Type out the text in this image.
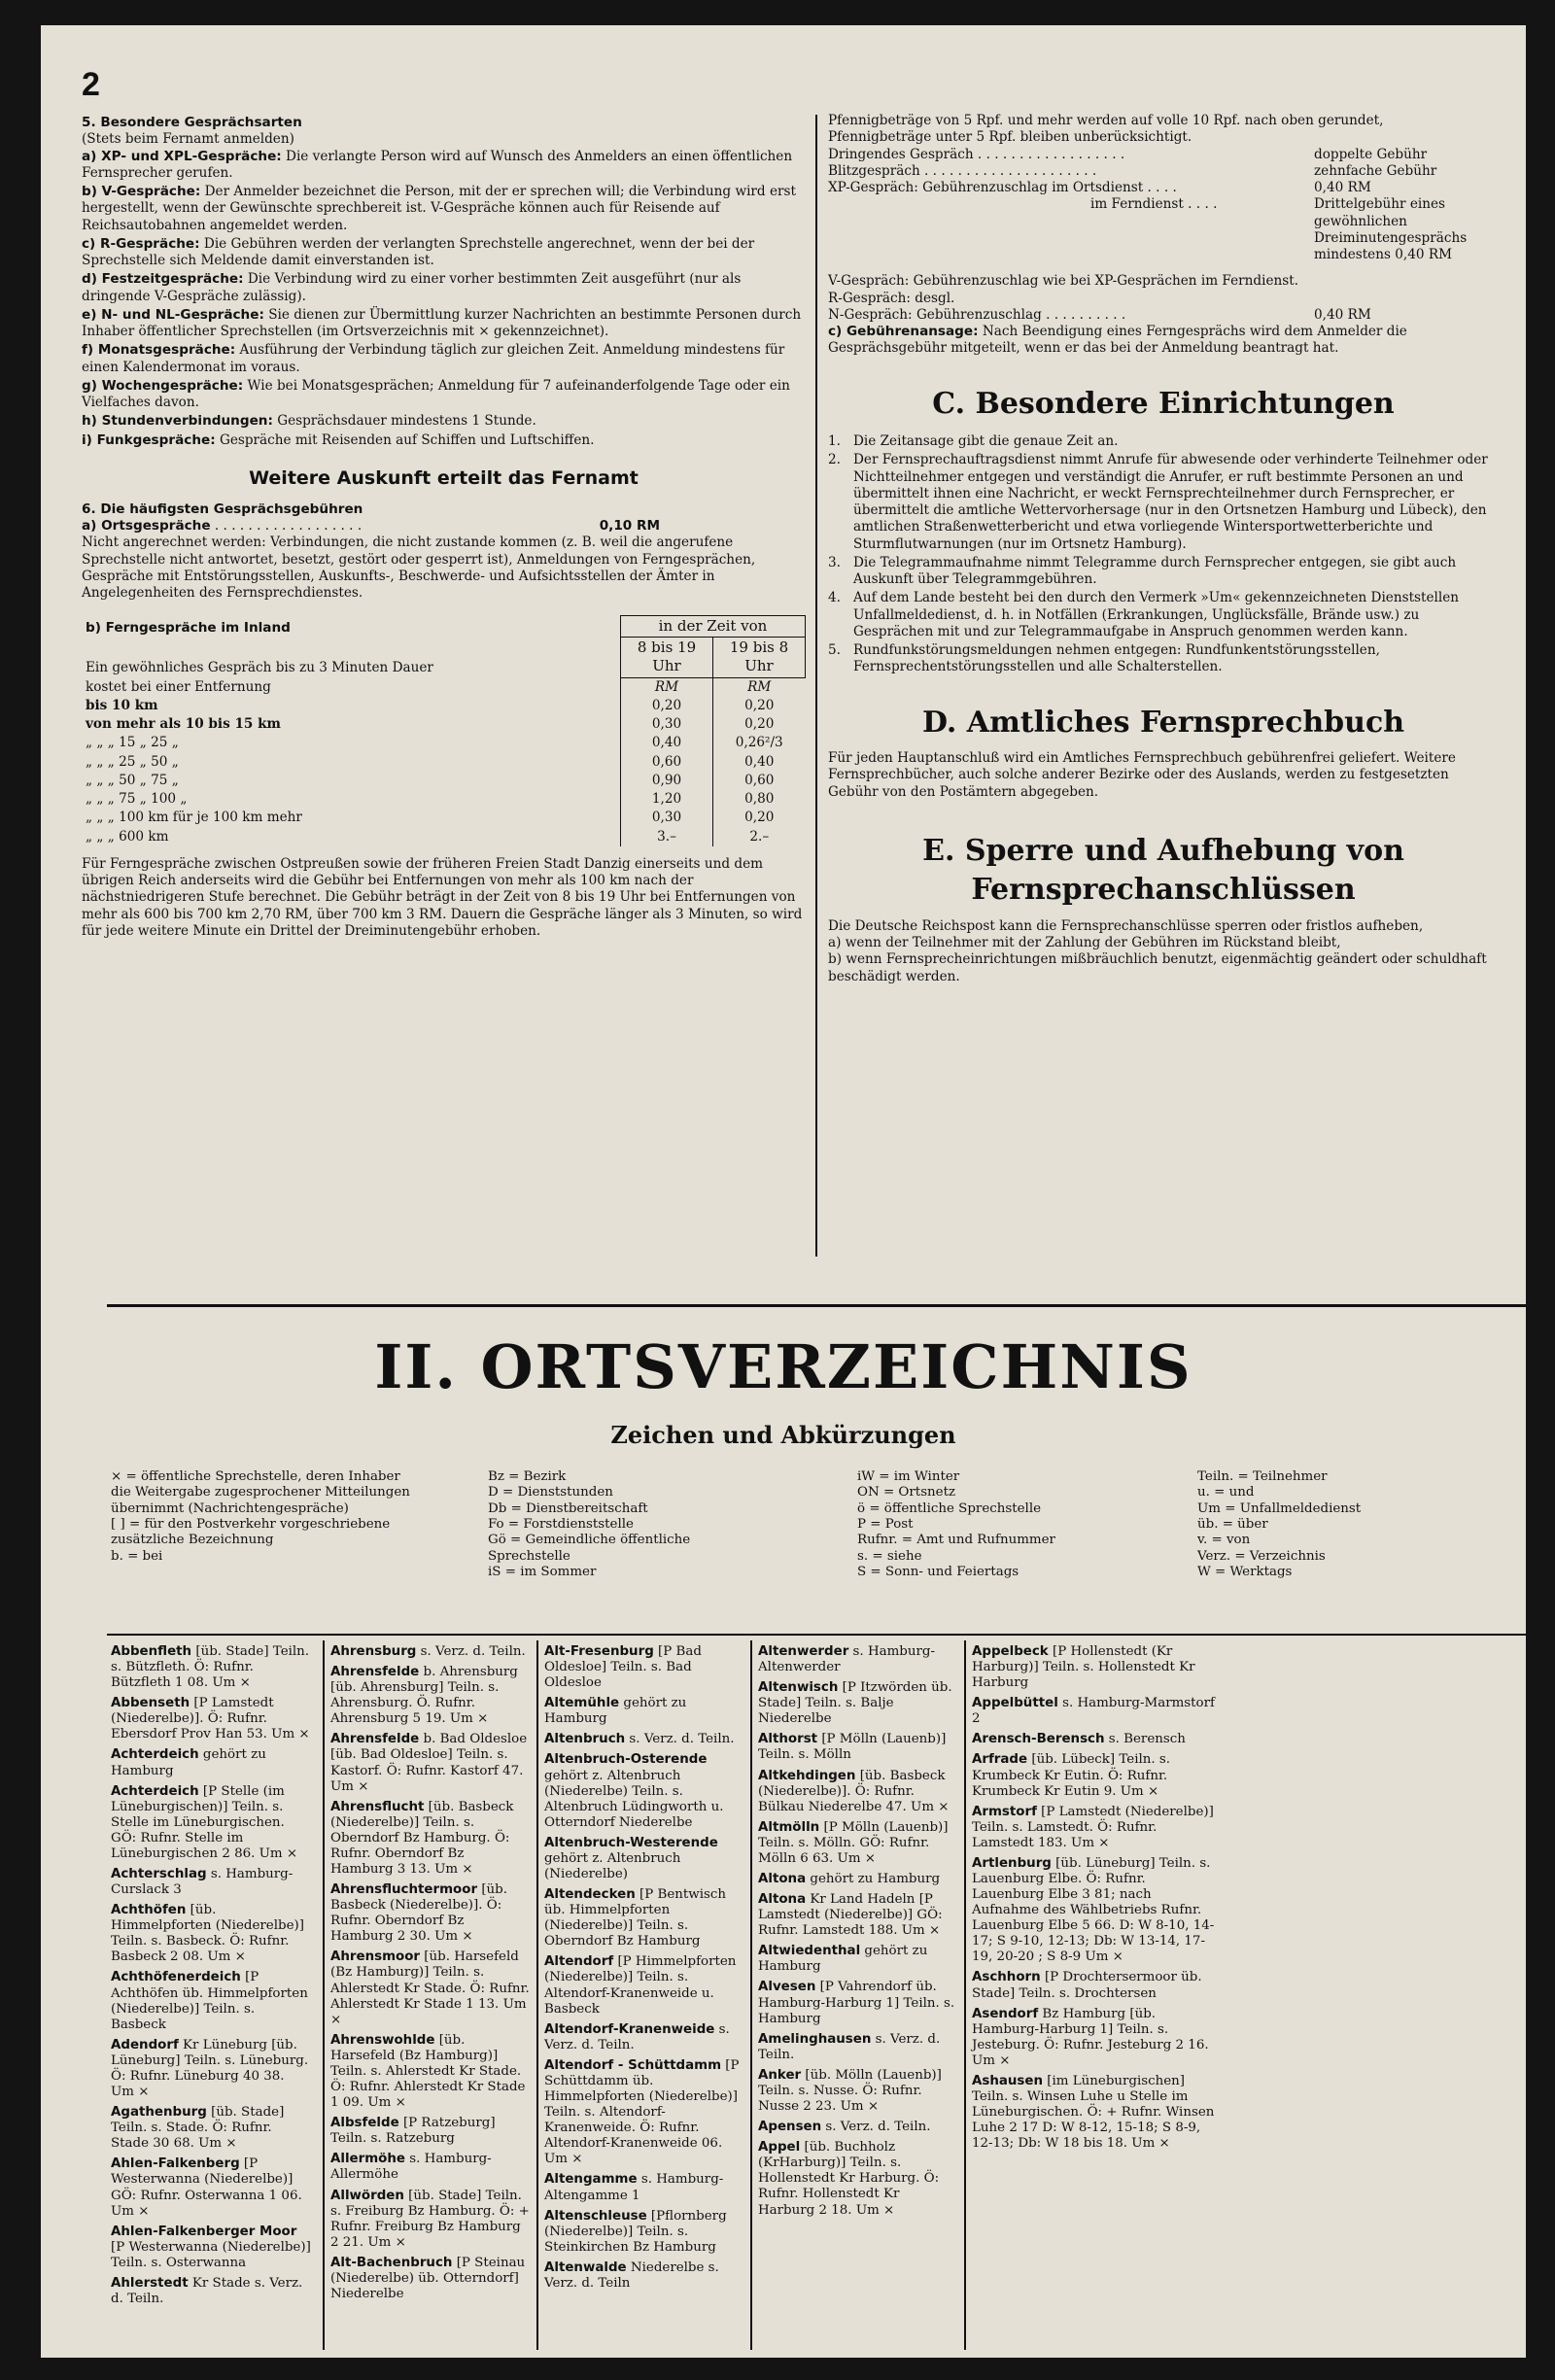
2
5. Besondere Gesprächsarten
(Stets beim Fernamt anmelden)
a) XP- und XPL-Gespräche: Die verlangte Person wird auf Wunsch des Anmelders an einen öffentlichen Fernsprecher gerufen.
b) V-Gespräche: Der Anmelder bezeichnet die Person, mit der er sprechen will; die Verbindung wird erst hergestellt, wenn der Gewünschte sprechbereit ist. V-Gespräche können auch für Reisende auf Reichsautobahnen angemeldet werden.
c) R-Gespräche: Die Gebühren werden der verlangten Sprechstelle angerechnet, wenn der bei der Sprechstelle sich Meldende damit einverstanden ist.
d) Festzeitgespräche: Die Verbindung wird zu einer vorher bestimmten Zeit ausgeführt (nur als dringende V-Gespräche zulässig).
e) N- und NL-Gespräche: Sie dienen zur Übermittlung kurzer Nachrichten an bestimmte Personen durch Inhaber öffentlicher Sprechstellen (im Ortsverzeichnis mit × gekennzeichnet).
f) Monatsgespräche: Ausführung der Verbindung täglich zur gleichen Zeit. Anmeldung mindestens für einen Kalendermonat im voraus.
g) Wochengespräche: Wie bei Monatsgesprächen; Anmeldung für 7 aufeinanderfolgende Tage oder ein Vielfaches davon.
h) Stundenverbindungen: Gesprächsdauer mindestens 1 Stunde.
i) Funkgespräche: Gespräche mit Reisenden auf Schiffen und Luftschiffen.
Weitere Auskunft erteilt das Fernamt
6. Die häufigsten Gesprächsgebühren
a) Ortsgespräche . . . . . . . . . . . . . . . . . .	0,10 RM
Nicht angerechnet werden: Verbindungen, die nicht zustande kommen (z. B. weil die angerufene Sprechstelle nicht antwortet, besetzt, gestört oder gesperrt ist), Anmeldungen von Ferngesprächen, Gespräche mit Entstörungsstellen, Auskunfts-, Beschwerde- und Aufsichtsstellen der Ämter in Angelegenheiten des Fernsprechdienstes.
b) Ferngespräche im Inland	in der Zeit von	
Ein gewöhnliches Gespräch bis zu 3 Minuten Dauer	8 bis 19 Uhr	19 bis 8 Uhr
kostet bei einer Entfernung	RM	RM
bis 10 km	0,20	0,20
von mehr als 10 bis 15 km	0,30	0,20
„ „ „ 15 „ 25 „	0,40	0,26²/3
„ „ „ 25 „ 50 „	0,60	0,40
„ „ „ 50 „ 75 „	0,90	0,60
„ „ „ 75 „ 100 „	1,20	0,80
„ „ „ 100 km für je 100 km mehr	0,30	0,20
„ „ „ 600 km	3.–	2.–
Für Ferngespräche zwischen Ostpreußen sowie der früheren Freien Stadt Danzig einerseits und dem übrigen Reich anderseits wird die Gebühr bei Entfernungen von mehr als 100 km nach der nächstniedrigeren Stufe berechnet. Die Gebühr beträgt in der Zeit von 8 bis 19 Uhr bei Entfernungen von mehr als 600 bis 700 km 2,70 RM, über 700 km 3 RM. Dauern die Gespräche länger als 3 Minuten, so wird für jede weitere Minute ein Drittel der Dreiminutengebühr erhoben.
Pfennigbeträge von 5 Rpf. und mehr werden auf volle 10 Rpf. nach oben gerundet,
Pfennigbeträge unter 5 Rpf. bleiben unberücksichtigt.
Dringendes Gespräch . . . . . . . . . . . . . . . . . .	doppelte Gebühr
Blitzgespräch . . . . . . . . . . . . . . . . . . . . .	zehnfache Gebühr
XP-Gespräch: Gebührenzuschlag im Ortsdienst . . . .	0,40 RM
im Ferndienst . . . .	Drittelgebühr eines gewöhnlichen Dreiminutengesprächs mindestens 0,40 RM
V-Gespräch: Gebührenzuschlag wie bei XP-Gesprächen im Ferndienst.
R-Gespräch: desgl.
N-Gespräch: Gebührenzuschlag . . . . . . . . . .	0,40 RM
c) Gebührenansage: Nach Beendigung eines Ferngesprächs wird dem Anmelder die Gesprächsgebühr mitgeteilt, wenn er das bei der Anmeldung beantragt hat.
C. Besondere Einrichtungen
1. Die Zeitansage gibt die genaue Zeit an.
2. Der Fernsprechauftragsdienst nimmt Anrufe für abwesende oder verhinderte Teilnehmer oder Nichtteilnehmer entgegen und verständigt die Anrufer, er ruft bestimmte Personen an und übermittelt ihnen eine Nachricht, er weckt Fernsprechteilnehmer durch Fernsprecher, er übermittelt die amtliche Wettervorhersage (nur in den Ortsnetzen Hamburg und Lübeck), den amtlichen Straßenwetterbericht und etwa vorliegende Wintersportwetterberichte und Sturmflutwarnungen (nur im Ortsnetz Hamburg).
3. Die Telegrammaufnahme nimmt Telegramme durch Fernsprecher entgegen, sie gibt auch Auskunft über Telegrammgebühren.
4. Auf dem Lande besteht bei den durch den Vermerk »Um« gekennzeichneten Dienststellen Unfallmeldedienst, d. h. in Notfällen (Erkrankungen, Unglücksfälle, Brände usw.) zu Gesprächen mit und zur Telegrammaufgabe in Anspruch genommen werden kann.
5. Rundfunkstörungsmeldungen nehmen entgegen: Rundfunkentstörungsstellen, Fernsprechentstörungsstellen und alle Schalterstellen.
D. Amtliches Fernsprechbuch
Für jeden Hauptanschluß wird ein Amtliches Fernsprechbuch gebührenfrei geliefert. Weitere Fernsprechbücher, auch solche anderer Bezirke oder des Auslands, werden zu festgesetzten Gebühr von den Postämtern abgegeben.
E. Sperre und Aufhebung von
Fernsprechanschlüssen
Die Deutsche Reichspost kann die Fernsprechanschlüsse sperren oder fristlos aufheben,
a) wenn der Teilnehmer mit der Zahlung der Gebühren im Rückstand bleibt,
b) wenn Fernsprecheinrichtungen mißbräuchlich benutzt, eigenmächtig geändert oder schuldhaft beschädigt werden.
II. ORTSVERZEICHNIS
Zeichen und Abkürzungen
× = öffentliche Sprechstelle, deren Inhaber die Weitergabe zugesprochener Mitteilungen übernimmt (Nachrichtengespräche)
[ ] = für den Postverkehr vorgeschriebene zusätzliche Bezeichnung
b. = bei
Bz = Bezirk
D = Dienststunden
Db = Dienstbereitschaft
Fo = Forstdienststelle
Gö = Gemeindliche öffentliche Sprechstelle
iS = im Sommer
iW = im Winter
ON = Ortsnetz
ö = öffentliche Sprechstelle
P = Post
Rufnr. = Amt und Rufnummer
s. = siehe
S = Sonn- und Feiertags
Teiln. = Teilnehmer
u. = und
Um = Unfallmeldedienst
üb. = über
v. = von
Verz. = Verzeichnis
W = Werktags
Abbenfleth [üb. Stade] Teiln. s. Bützfleth. Ö: Rufnr. Bützfleth 1 08. Um ×
Abbenseth [P Lamstedt (Niederelbe)]. Ö: Rufnr. Ebersdorf Prov Han 53. Um ×
Achterdeich gehört zu Hamburg
Achterdeich [P Stelle (im Lüneburgischen)] Teiln. s. Stelle im Lüneburgischen. GÖ: Rufnr. Stelle im Lüneburgischen 2 86. Um ×
Achterschlag s. Hamburg-Curslack 3
Achthöfen [üb. Himmelpforten (Niederelbe)] Teiln. s. Basbeck. Ö: Rufnr. Basbeck 2 08. Um ×
Achthöfenerdeich [P Achthöfen üb. Himmelpforten (Niederelbe)] Teiln. s. Basbeck
Adendorf Kr Lüneburg [üb. Lüneburg] Teiln. s. Lüneburg. Ö: Rufnr. Lüneburg 40 38. Um ×
Agathenburg [üb. Stade] Teiln. s. Stade. Ö: Rufnr. Stade 30 68. Um ×
Ahlen-Falkenberg [P Westerwanna (Niederelbe)] GÖ: Rufnr. Osterwanna 1 06. Um ×
Ahlen-Falkenberger Moor [P Westerwanna (Niederelbe)] Teiln. s. Osterwanna
Ahlerstedt Kr Stade s. Verz. d. Teiln.
Ahrensburg s. Verz. d. Teiln.
Ahrensfelde b. Ahrensburg [üb. Ahrensburg] Teiln. s. Ahrensburg. Ö. Rufnr. Ahrensburg 5 19. Um ×
Ahrensfelde b. Bad Oldesloe [üb. Bad Oldesloe] Teiln. s. Kastorf. Ö: Rufnr. Kastorf 47. Um ×
Ahrensflucht [üb. Basbeck (Niederelbe)] Teiln. s. Oberndorf Bz Hamburg. Ö: Rufnr. Oberndorf Bz Hamburg 3 13. Um ×
Ahrensfluchtermoor [üb. Basbeck (Niederelbe)]. Ö: Rufnr. Oberndorf Bz Hamburg 2 30. Um ×
Ahrensmoor [üb. Harsefeld (Bz Hamburg)] Teiln. s. Ahlerstedt Kr Stade. Ö: Rufnr. Ahlerstedt Kr Stade 1 13. Um ×
Ahrenswohlde [üb. Harsefeld (Bz Hamburg)] Teiln. s. Ahlerstedt Kr Stade. Ö: Rufnr. Ahlerstedt Kr Stade 1 09. Um ×
Albsfelde [P Ratzeburg] Teiln. s. Ratzeburg
Allermöhe s. Hamburg-Allermöhe
Allwörden [üb. Stade] Teiln. s. Freiburg Bz Hamburg. Ö: + Rufnr. Freiburg Bz Hamburg 2 21. Um ×
Alt-Bachenbruch [P Steinau (Niederelbe) üb. Otterndorf] Niederelbe
Alt-Fresenburg [P Bad Oldesloe] Teiln. s. Bad Oldesloe
Altemühle gehört zu Hamburg
Altenbruch s. Verz. d. Teiln.
Altenbruch-Osterende gehört z. Altenbruch (Niederelbe) Teiln. s. Altenbruch Lüdingworth u. Otterndorf Niederelbe
Altenbruch-Westerende gehört z. Altenbruch (Niederelbe)
Altendecken [P Bentwisch üb. Himmelpforten (Niederelbe)] Teiln. s. Oberndorf Bz Hamburg
Altendorf [P Himmelpforten (Niederelbe)] Teiln. s. Altendorf-Kranenweide u. Basbeck
Altendorf-Kranenweide s. Verz. d. Teiln.
Altendorf - Schüttdamm [P Schüttdamm üb. Himmelpforten (Niederelbe)] Teiln. s. Altendorf-Kranenweide. Ö: Rufnr. Altendorf-Kranenweide 06. Um ×
Altengamme s. Hamburg-Altengamme 1
Altenschleuse [Pflornberg (Niederelbe)] Teiln. s. Steinkirchen Bz Hamburg
Altenwalde Niederelbe s. Verz. d. Teiln
Altenwerder s. Hamburg-Altenwerder
Altenwisch [P Itzwörden üb. Stade] Teiln. s. Balje Niederelbe
Althorst [P Mölln (Lauenb)] Teiln. s. Mölln
Altkehdingen [üb. Basbeck (Niederelbe)]. Ö: Rufnr. Bülkau Niederelbe 47. Um ×
Altmölln [P Mölln (Lauenb)] Teiln. s. Mölln. GÖ: Rufnr. Mölln 6 63. Um ×
Altona gehört zu Hamburg
Altona Kr Land Hadeln [P Lamstedt (Niederelbe)] GÖ: Rufnr. Lamstedt 188. Um ×
Altwiedenthal gehört zu Hamburg
Alvesen [P Vahrendorf üb. Hamburg-Harburg 1] Teiln. s. Hamburg
Amelinghausen s. Verz. d. Teiln.
Anker [üb. Mölln (Lauenb)] Teiln. s. Nusse. Ö: Rufnr. Nusse 2 23. Um ×
Apensen s. Verz. d. Teiln.
Appel [üb. Buchholz (KrHarburg)] Teiln. s. Hollenstedt Kr Harburg. Ö: Rufnr. Hollenstedt Kr Harburg 2 18. Um ×
Appelbeck [P Hollenstedt (Kr Harburg)] Teiln. s. Hollenstedt Kr Harburg
Appelbüttel s. Hamburg-Marmstorf 2
Arensch-Berensch s. Berensch
Arfrade [üb. Lübeck] Teiln. s. Krumbeck Kr Eutin. Ö: Rufnr. Krumbeck Kr Eutin 9. Um ×
Armstorf [P Lamstedt (Niederelbe)] Teiln. s. Lamstedt. Ö: Rufnr. Lamstedt 183. Um ×
Artlenburg [üb. Lüneburg] Teiln. s. Lauenburg Elbe. Ö: Rufnr. Lauenburg Elbe 3 81; nach Aufnahme des Wählbetriebs Rufnr. Lauenburg Elbe 5 66. D: W 8-10, 14-17; S 9-10, 12-13; Db: W 13-14, 17-19, 20-20 ; S 8-9 Um ×
Aschhorn [P Drochtersermoor üb. Stade] Teiln. s. Drochtersen
Asendorf Bz Hamburg [üb. Hamburg-Harburg 1] Teiln. s. Jesteburg. Ö: Rufnr. Jesteburg 2 16. Um ×
Ashausen [im Lüneburgischen] Teiln. s. Winsen Luhe u Stelle im Lüneburgischen. Ö: + Rufnr. Winsen Luhe 2 17 D: W 8-12, 15-18; S 8-9, 12-13; Db: W 18 bis 18. Um ×
